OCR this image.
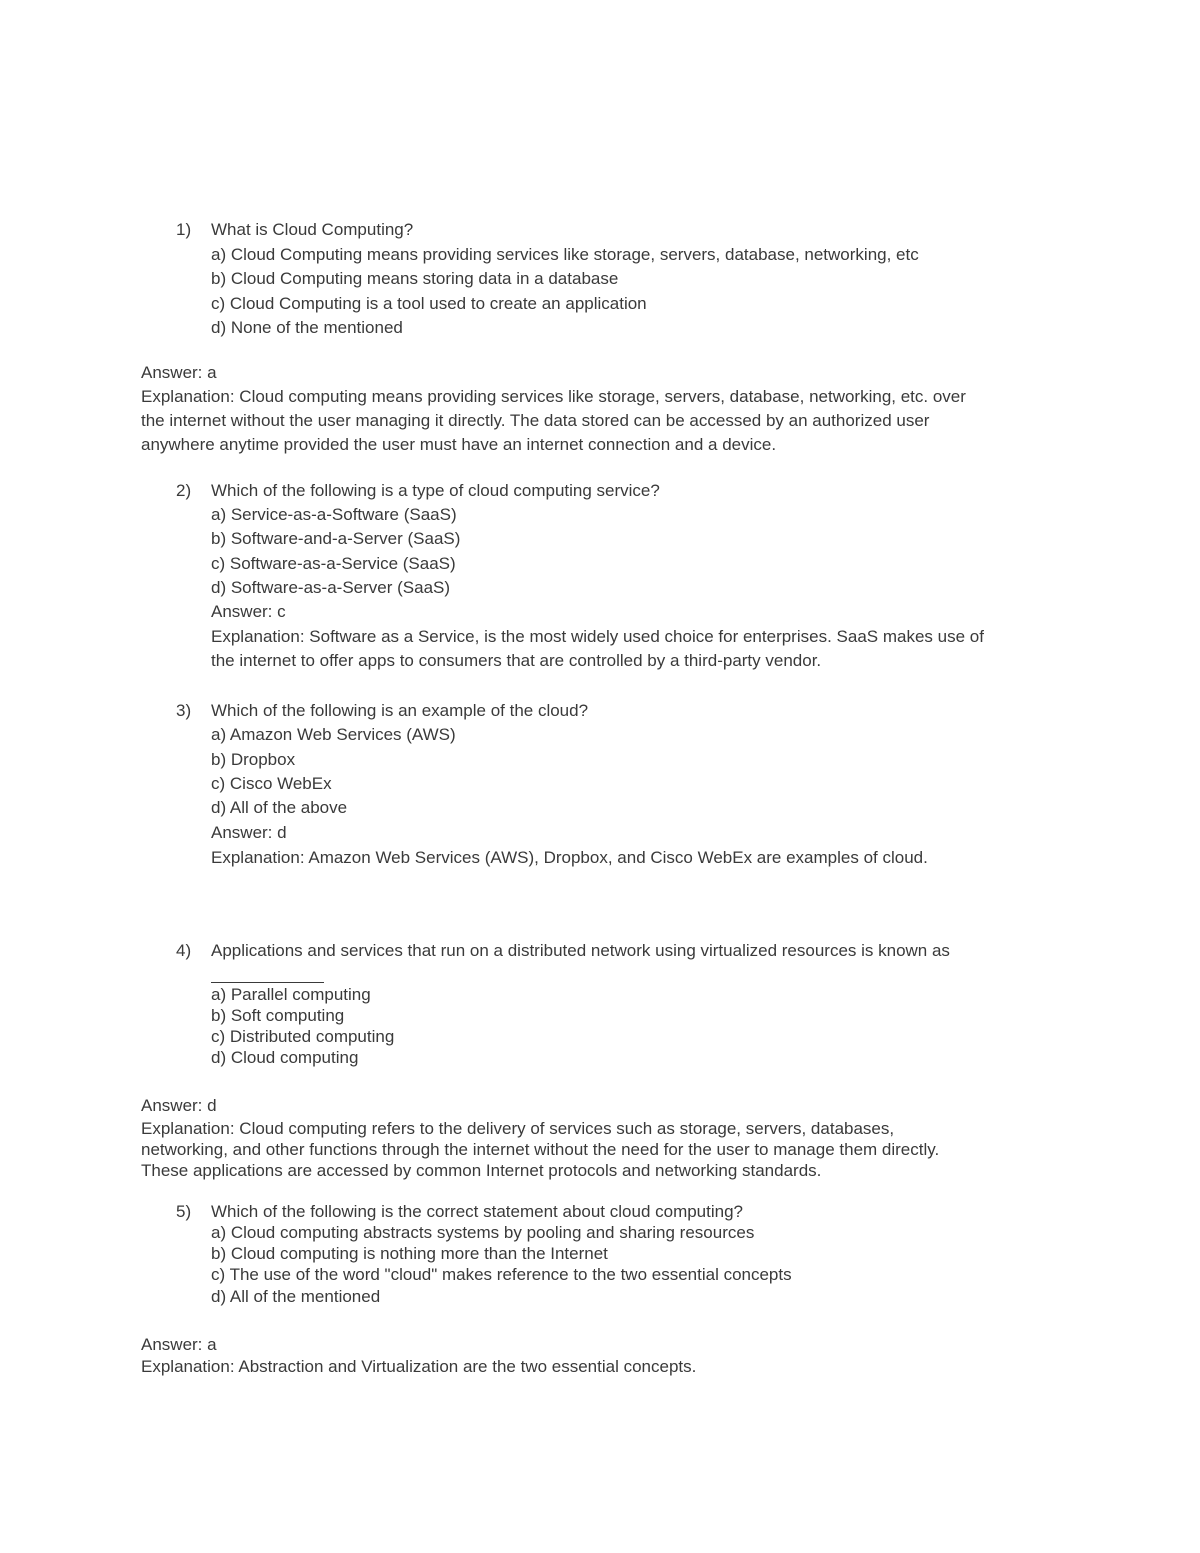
1) What is Cloud Computing?
a) Cloud Computing means providing services like storage, servers, database, networking, etc
b) Cloud Computing means storing data in a database
c) Cloud Computing is a tool used to create an application
d) None of the mentioned
Answer: a
Explanation: Cloud computing means providing services like storage, servers, database, networking, etc. over
the internet without the user managing it directly. The data stored can be accessed by an authorized user
anywhere anytime provided the user must have an internet connection and a device.
2) Which of the following is a type of cloud computing service?
a) Service-as-a-Software (SaaS)
b) Software-and-a-Server (SaaS)
c) Software-as-a-Service (SaaS)
d) Software-as-a-Server (SaaS)
Answer: c
Explanation: Software as a Service, is the most widely used choice for enterprises. SaaS makes use of
the internet to offer apps to consumers that are controlled by a third-party vendor.
3) Which of the following is an example of the cloud?
a) Amazon Web Services (AWS)
b) Dropbox
c) Cisco WebEx
d) All of the above
Answer: d
Explanation: Amazon Web Services (AWS), Dropbox, and Cisco WebEx are examples of cloud.
4) Applications and services that run on a distributed network using virtualized resources is known as
a) Parallel computing
b) Soft computing
c) Distributed computing
d) Cloud computing
Answer: d
Explanation: Cloud computing refers to the delivery of services such as storage, servers, databases,
networking, and other functions through the internet without the need for the user to manage them directly.
These applications are accessed by common Internet protocols and networking standards.
5) Which of the following is the correct statement about cloud computing?
a) Cloud computing abstracts systems by pooling and sharing resources
b) Cloud computing is nothing more than the Internet
c) The use of the word "cloud" makes reference to the two essential concepts
d) All of the mentioned
Answer: a
Explanation: Abstraction and Virtualization are the two essential concepts.
